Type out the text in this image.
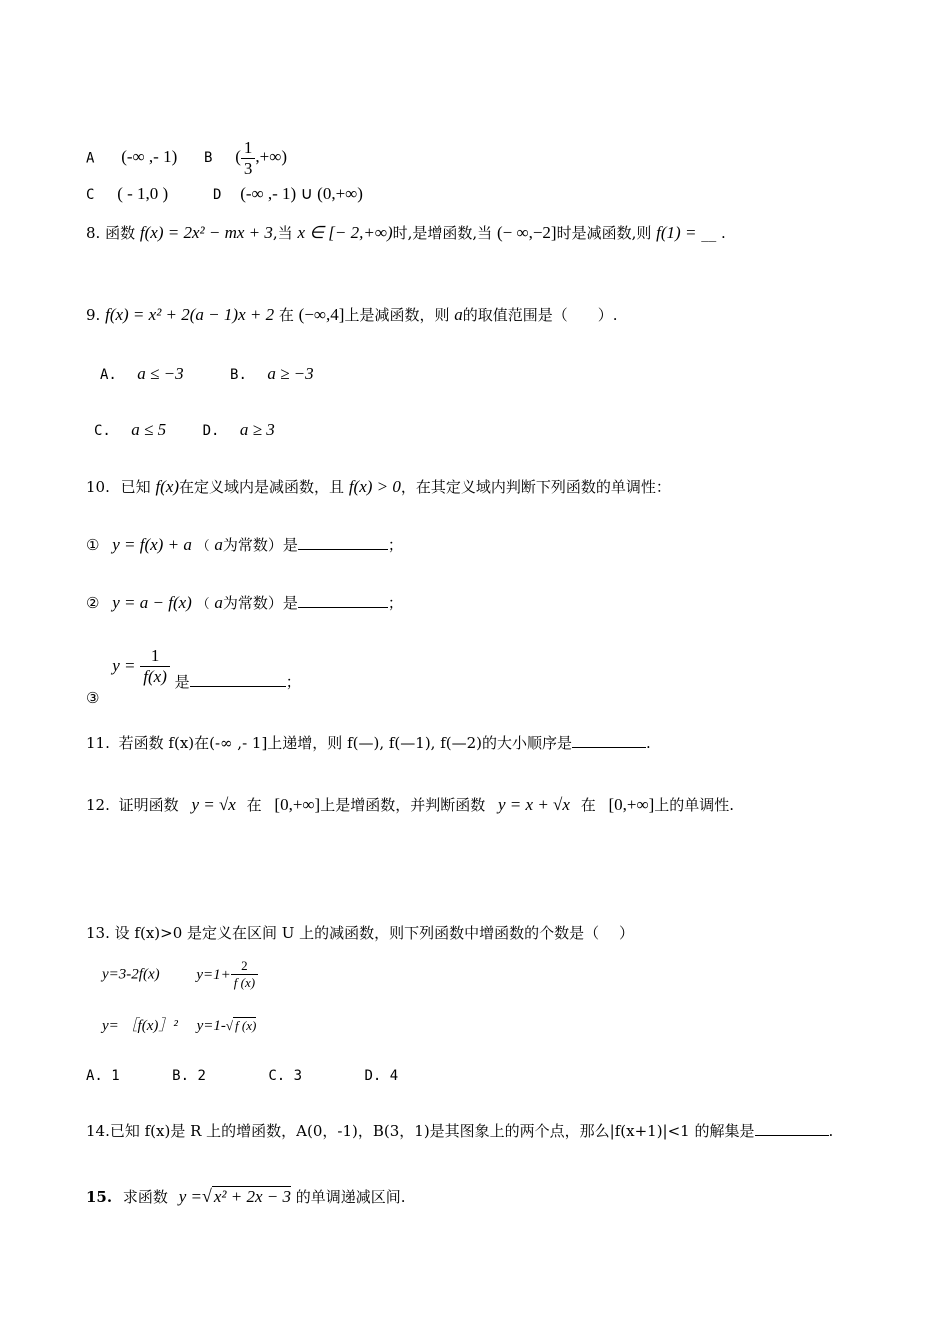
A (-∞ ,- 1) B ( $\frac{1}{3}$ ,+∞)
C ( - 1,0 )	D (-∞ ,- 1) ∪ (0,+∞)
8. 函数 f(x) = 2x² − mx + 3,当 x ∈ [− 2,+∞)时,是增函数,当 (− ∞,−2]时是减函数,则 f(1) = __ .
9. f(x) = x² + 2(a − 1)x + 2 在 (−∞,4]上是减函数，则 a的取值范围是（　　）.
A. a ≤ −3	B. a ≥ −3
C. a ≤ 5	D. a ≥ 3
10. 已知 f(x)在定义域内是减函数，且 f(x) > 0，在其定义域内判断下列函数的单调性：
① y = f(x) + a （ a为常数）是	；
② y = a − f(x) （ a为常数）是	；
③ $y = \frac{1}{f(x)}$ 是	；
11. 若函数 f(x)在(-∞ ,- 1]上递增，则 f(—), f(—1), f(—2)的大小顺序是	.
12. 证明函数 y = √x 在 [0,+∞]上是增函数，并判断函数 y = x + √x 在 [0,+∞]上的单调性.
13. 设 f(x)>0 是定义在区间 U 上的减函数，则下列函数中增函数的个数是（　 ）
y=3-2f(x) $y=1+ \frac{2}{f (x)}$
y= ［f(x)］² y=1-√ f (x)
A. 1	B. 2	C. 3	D. 4
14.已知 f(x)是 R 上的增函数，A(0，-1)，B(3，1)是其图象上的两个点，那么|f(x+1)|<1 的解集是	.
15. 求函数 y =√ x² + 2x − 3 的单调递减区间.
